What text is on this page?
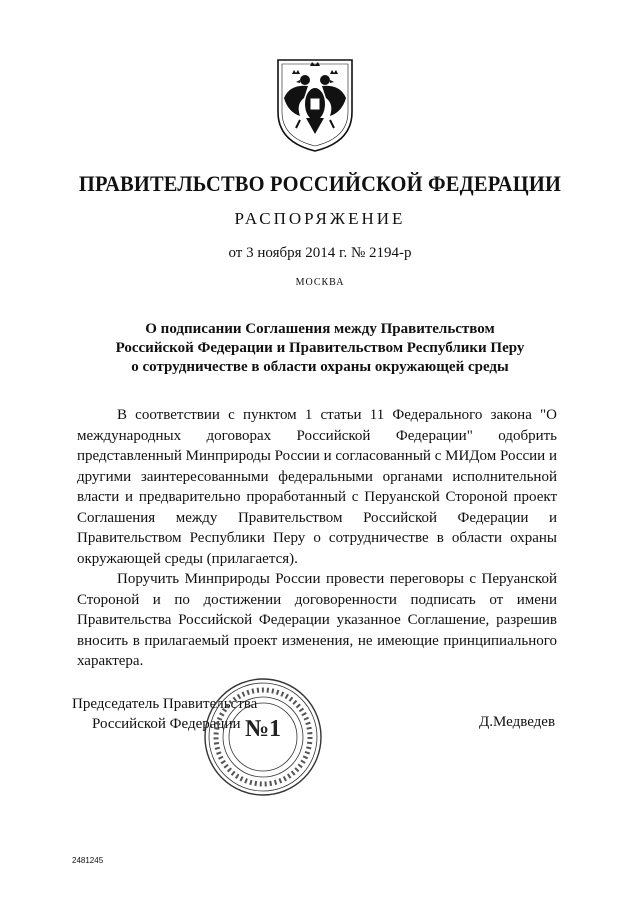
ПРАВИТЕЛЬСТВО РОССИЙСКОЙ ФЕДЕРАЦИИ
РАСПОРЯЖЕНИЕ
от 3 ноября 2014 г. № 2194-р
МОСКВА
О подписании Соглашения между Правительством
Российской Федерации и Правительством Республики Перу
о сотрудничестве в области охраны окружающей среды

В соответствии с пунктом 1 статьи 11 Федерального закона "О международных договорах Российской Федерации" одобрить представленный Минприроды России и согласованный с МИДом России и другими заинтересованными федеральными органами исполнительной власти и предварительно проработанный с Перуанской Стороной проект Соглашения между Правительством Российской Федерации и Правительством Республики Перу о сотрудничестве в области охраны окружающей среды (прилагается).

Поручить Минприроды России провести переговоры с Перуанской Стороной и по достижении договоренности подписать от имени Правительства Российской Федерации указанное Соглашение, разрешив вносить в прилагаемый проект изменения, не имеющие принципиального характера.

Председатель Правительства
Российской Федерации №1	Д.Медведев
2481245
